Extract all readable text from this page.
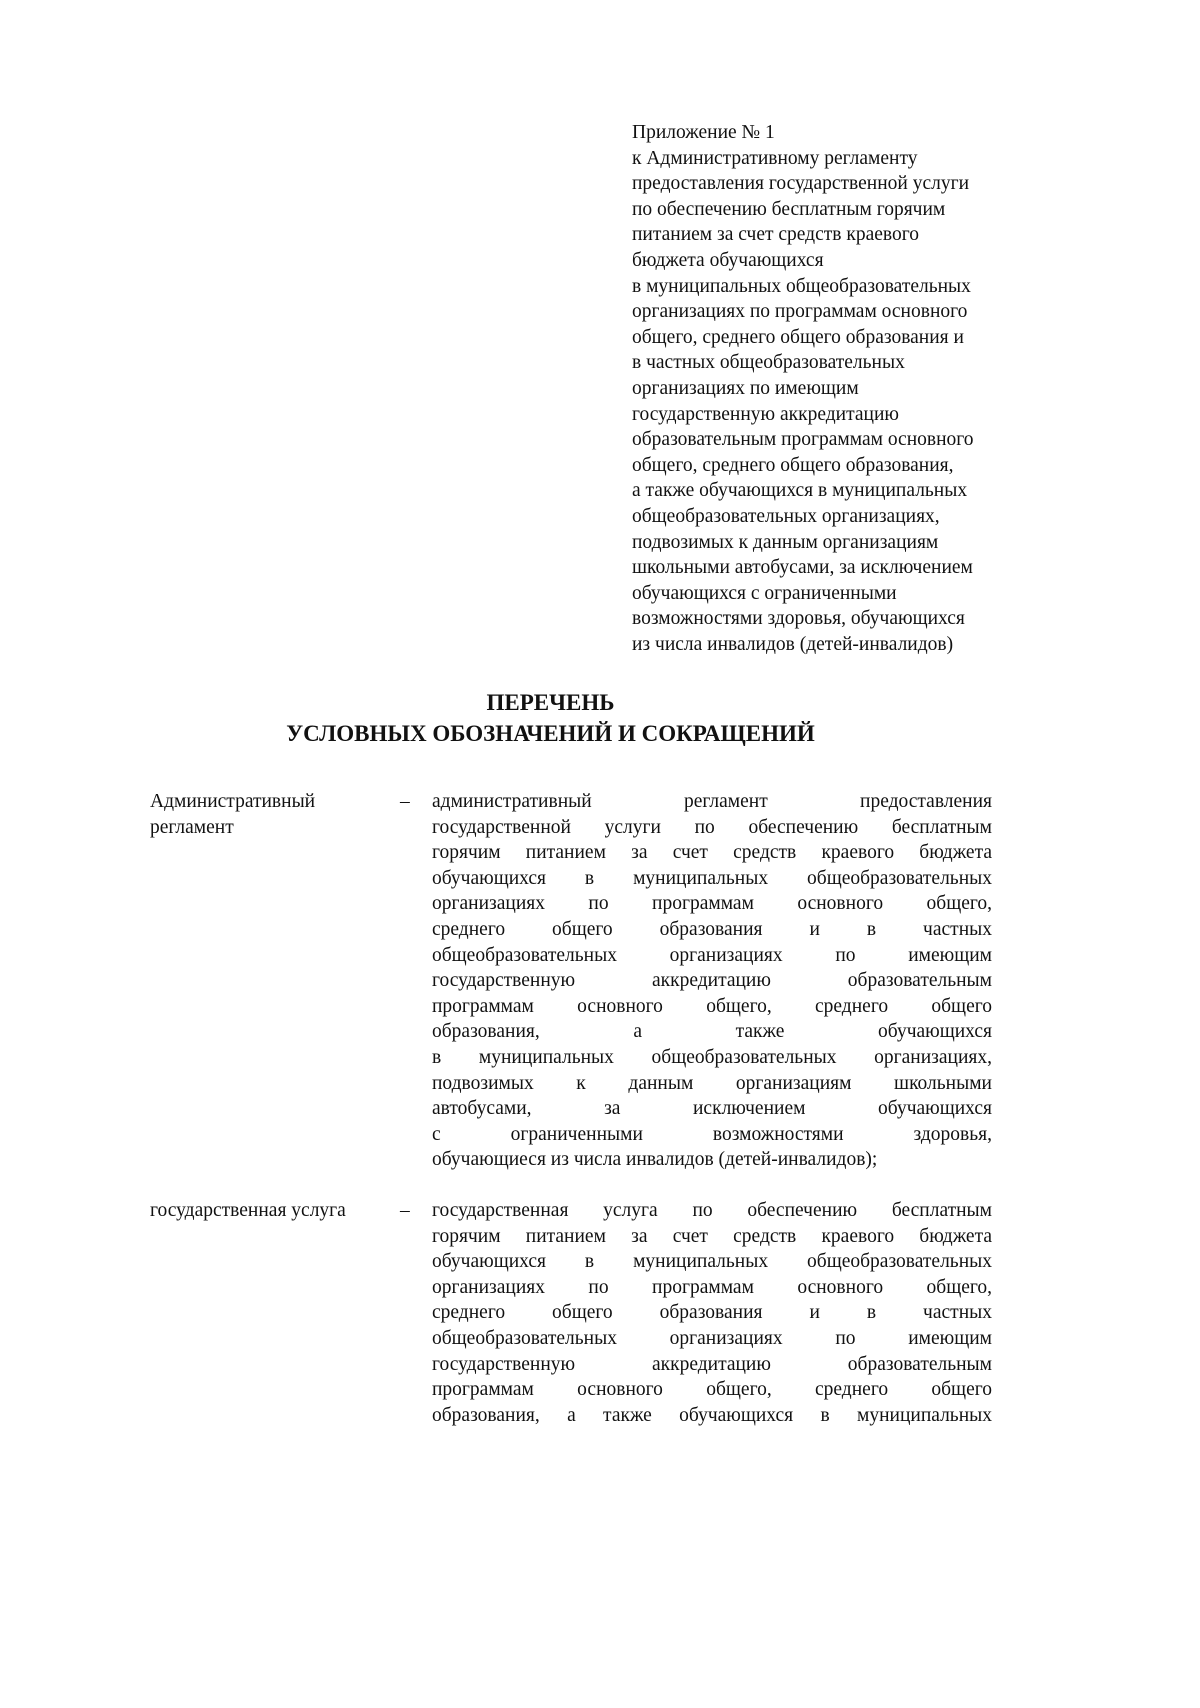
Приложение № 1
к Административному регламенту
предоставления государственной услуги
по обеспечению бесплатным горячим
питанием за счет средств краевого
бюджета обучающихся
в муниципальных общеобразовательных
организациях по программам основного
общего, среднего общего образования и
в частных общеобразовательных
организациях по имеющим
государственную аккредитацию
образовательным программам основного
общего, среднего общего образования,
а также обучающихся в муниципальных
общеобразовательных организациях,
подвозимых к данным организациям
школьными автобусами, за исключением
обучающихся с ограниченными
возможностями здоровья, обучающихся
из числа инвалидов (детей-инвалидов)
ПЕРЕЧЕНЬ
УСЛОВНЫХ ОБОЗНАЧЕНИЙ И СОКРАЩЕНИЙ
Административный
регламент
– административный регламент предоставления
государственной услуги по обеспечению бесплатным
горячим питанием за счет средств краевого бюджета
обучающихся в муниципальных общеобразовательных
организациях по программам основного общего,
среднего общего образования и в частных
общеобразовательных организациях по имеющим
государственную аккредитацию образовательным
программам основного общего, среднего общего
образования, а также обучающихся
в муниципальных общеобразовательных организациях,
подвозимых к данным организациям школьными
автобусами, за исключением обучающихся
с ограниченными возможностями здоровья,
обучающиеся из числа инвалидов (детей-инвалидов);
государственная услуга	– государственная услуга по обеспечению бесплатным
горячим питанием за счет средств краевого бюджета
обучающихся в муниципальных общеобразовательных
организациях по программам основного общего,
среднего общего образования и в частных
общеобразовательных организациях по имеющим
государственную аккредитацию образовательным
программам основного общего, среднего общего
образования, а также обучающихся в муниципальных
